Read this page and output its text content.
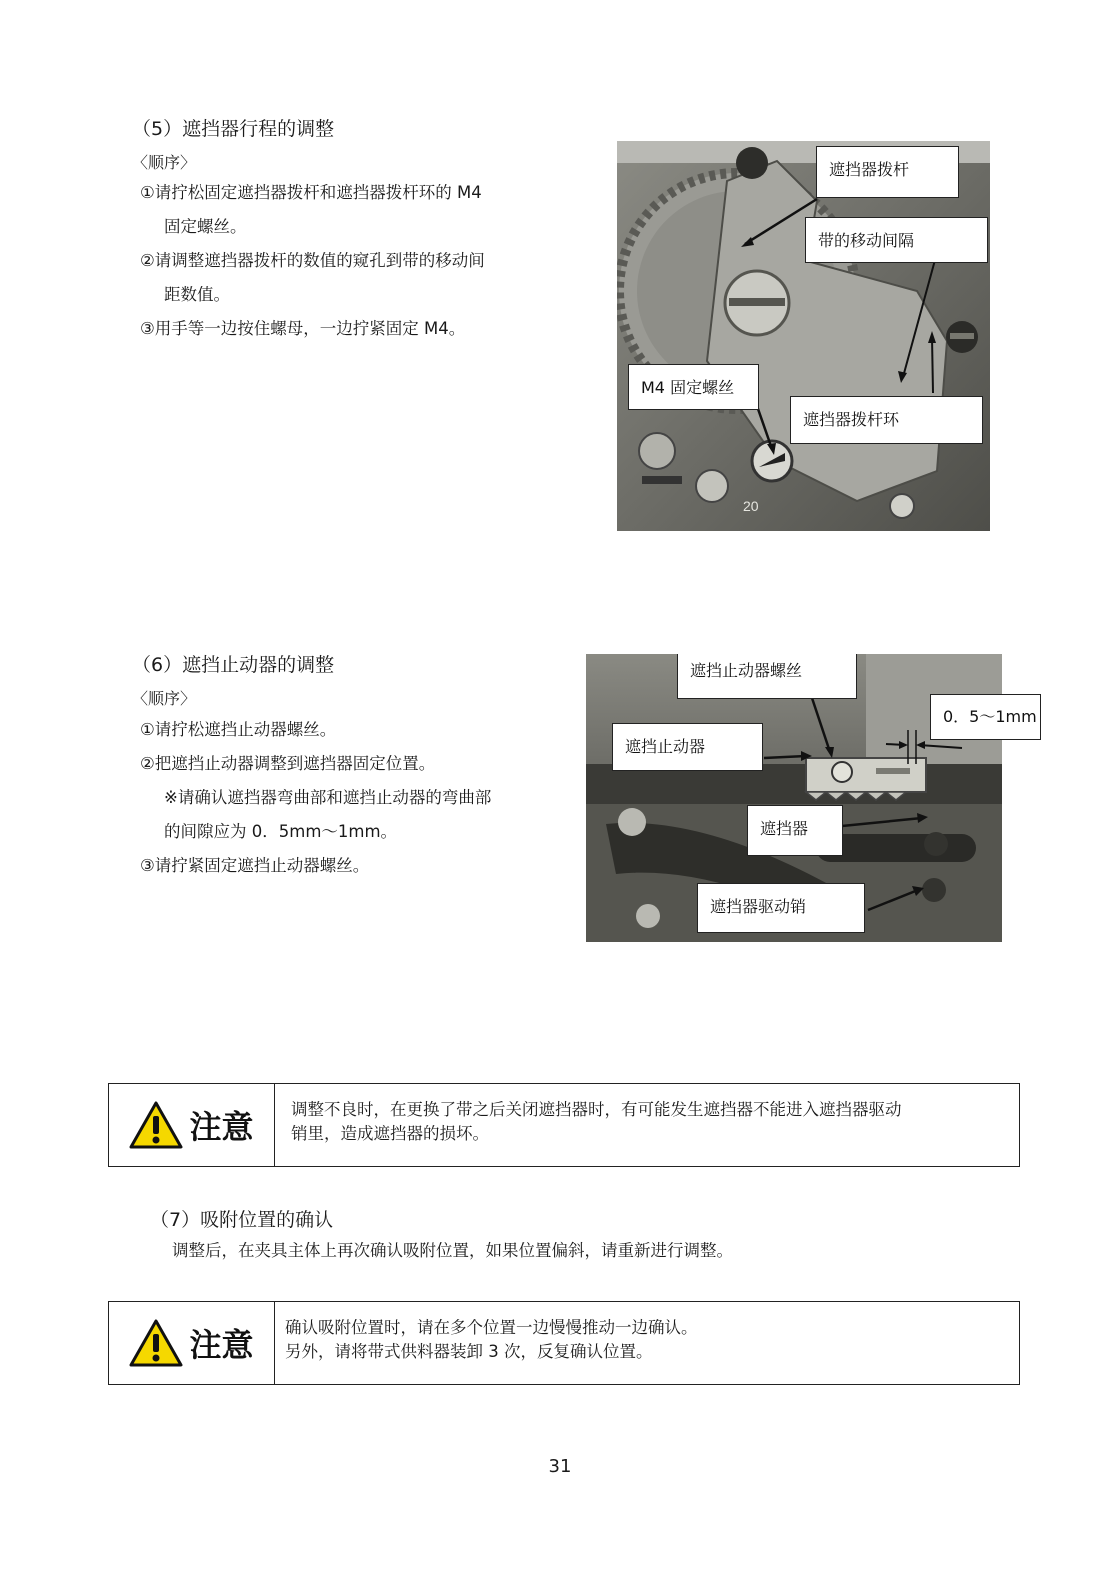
（5）遮挡器行程的调整
〈顺序〉
①请拧松固定遮挡器拨杆和遮挡器拨杆环的 M4
固定螺丝。
②请调整遮挡器拨杆的数值的窥孔到带的移动间
距数值。
③用手等一边按住螺母，一边拧紧固定 M4。
20
遮挡器拨杆
带的移动间隔
M4 固定螺丝
遮挡器拨杆环
（6）遮挡止动器的调整
〈顺序〉
①请拧松遮挡止动器螺丝。
②把遮挡止动器调整到遮挡器固定位置。
※请确认遮挡器弯曲部和遮挡止动器的弯曲部
的间隙应为 0．5mm～1mm。
③请拧紧固定遮挡止动器螺丝。
遮挡止动器螺丝
遮挡止动器
遮挡器
遮挡器驱动销
0．5～1mm
注意 调整不良时，在更换了带之后关闭遮挡器时，有可能发生遮挡器不能进入遮挡器驱动
销里，造成遮挡器的损坏。
（7）吸附位置的确认
调整后，在夹具主体上再次确认吸附位置，如果位置偏斜，请重新进行调整。
注意 确认吸附位置时，请在多个位置一边慢慢推动一边确认。
另外，请将带式供料器装卸 3 次，反复确认位置。
31
